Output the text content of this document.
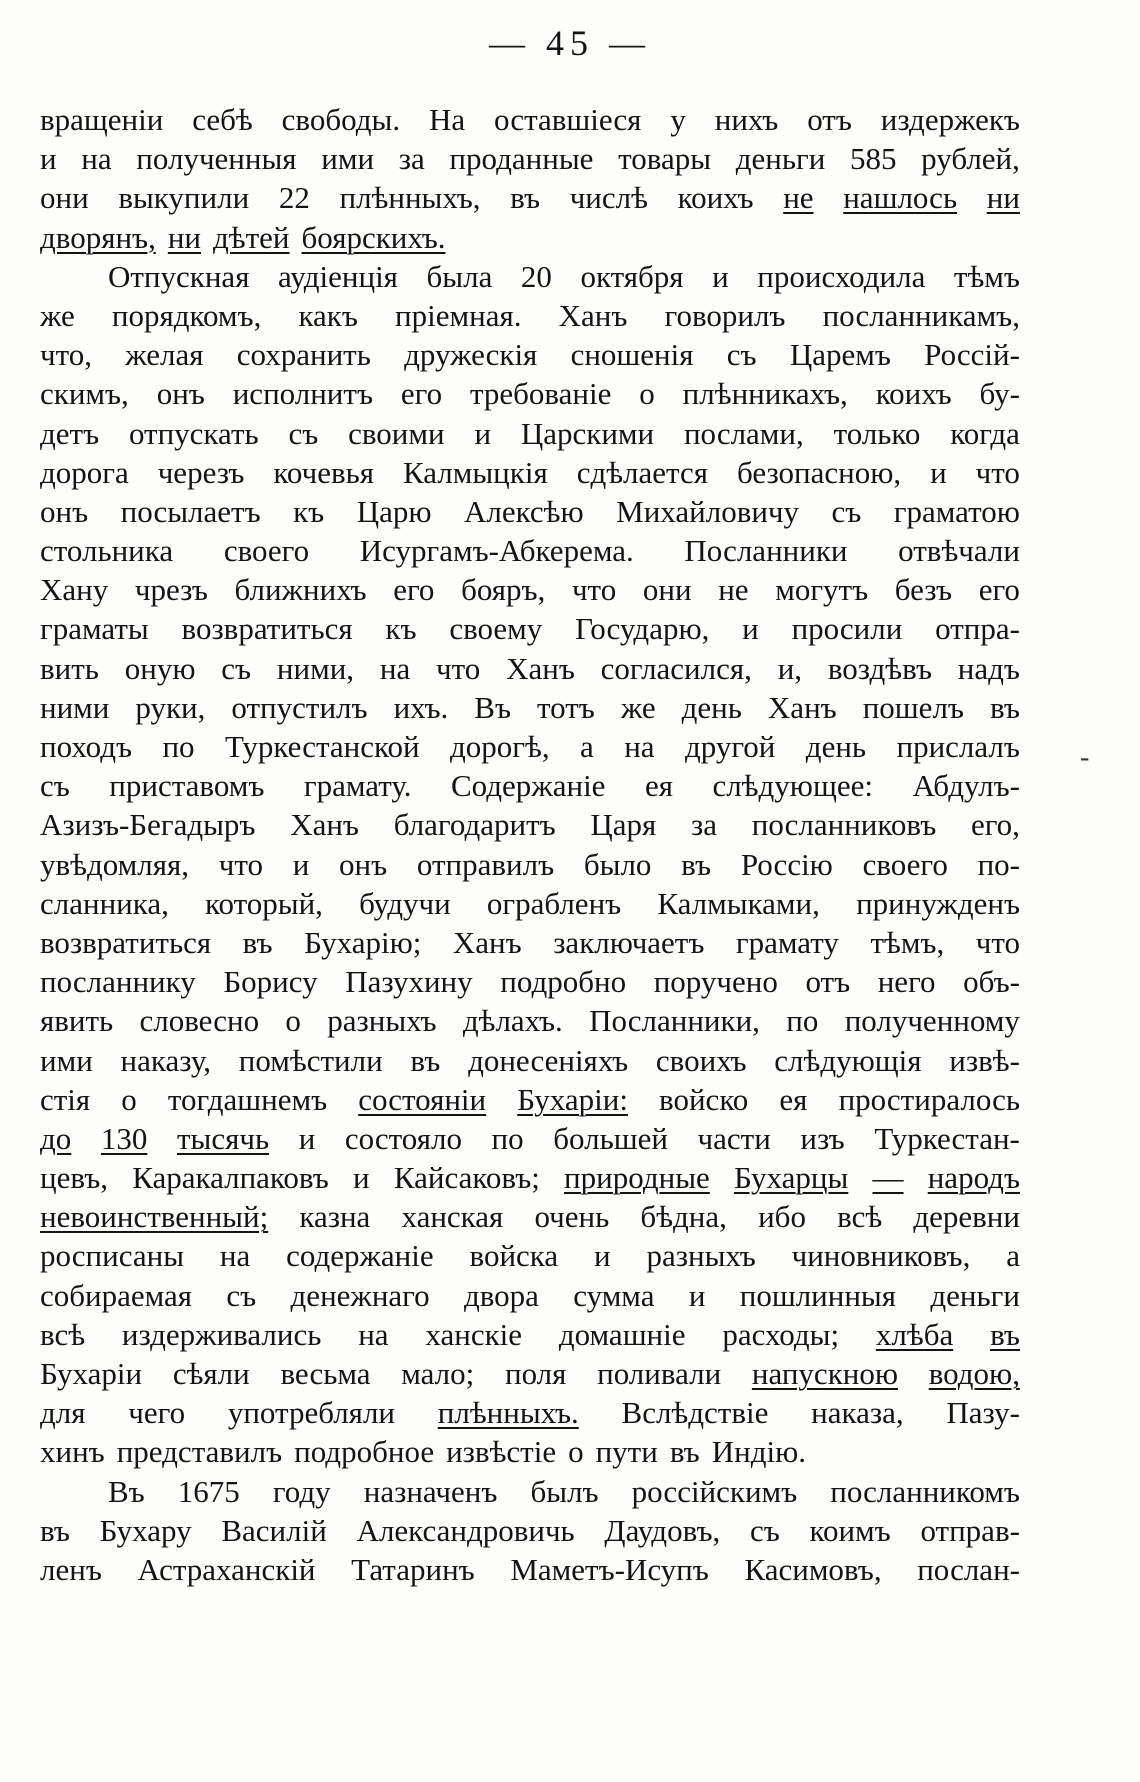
— 45 —
-
вращеніи себѣ свободы. На оставшіеся у нихъ отъ издержекъ
и на полученныя ими за проданные товары деньги 585 рублей,
они выкупили 22 плѣнныхъ, въ числѣ коихъ не нашлось ни
дворянъ, ни дѣтей боярскихъ.
Отпускная аудіенція была 20 октября и происходила тѣмъ
же порядкомъ, какъ пріемная. Ханъ говорилъ посланникамъ,
что, желая сохранить дружескія сношенія съ Царемъ Россій-
скимъ, онъ исполнитъ его требованіе о плѣнникахъ, коихъ бу-
детъ отпускать съ своими и Царскими послами, только когда
дорога черезъ кочевья Калмыцкія сдѣлается безопасною, и что
онъ посылаетъ къ Царю Алексѣю Михайловичу съ граматою
стольника своего Исургамъ-Абкерема. Посланники отвѣчали
Хану чрезъ ближнихъ его бояръ, что они не могутъ безъ его
граматы возвратиться къ своему Государю, и просили отпра-
вить оную съ ними, на что Ханъ согласился, и, воздѣвъ надъ
ними руки, отпустилъ ихъ. Въ тотъ же день Ханъ пошелъ въ
походъ по Туркестанской дорогѣ, а на другой день прислалъ
съ приставомъ грамату. Содержаніе ея слѣдующее: Абдулъ-
Азизъ-Бегадыръ Ханъ благодаритъ Царя за посланниковъ его,
увѣдомляя, что и онъ отправилъ было въ Россію своего по-
сланника, который, будучи ограбленъ Калмыками, принужденъ
возвратиться въ Бухарію; Ханъ заключаетъ грамату тѣмъ, что
посланнику Борису Пазухину подробно поручено отъ него объ-
явить словесно о разныхъ дѣлахъ. Посланники, по полученному
ими наказу, помѣстили въ донесеніяхъ своихъ слѣдующія извѣ-
стія о тогдашнемъ состояніи Бухаріи: войско ея простиралось
до 130 тысячь и состояло по большей части изъ Туркестан-
цевъ, Каракалпаковъ и Кайсаковъ; природные Бухарцы — народъ
невоинственный; казна ханская очень бѣдна, ибо всѣ деревни
росписаны на содержаніе войска и разныхъ чиновниковъ, а
собираемая съ денежнаго двора сумма и пошлинныя деньги
всѣ издерживались на ханскіе домашніе расходы; хлѣба въ
Бухаріи сѣяли весьма мало; поля поливали напускною водою,
для чего употребляли плѣнныхъ. Вслѣдствіе наказа, Пазу-
хинъ представилъ подробное извѣстіе о пути въ Индію.
Въ 1675 году назначенъ былъ россійскимъ посланникомъ
въ Бухару Василій Александровичь Даудовъ, съ коимъ отправ-
ленъ Астраханскій Татаринъ Маметъ-Исупъ Касимовъ, послан-
